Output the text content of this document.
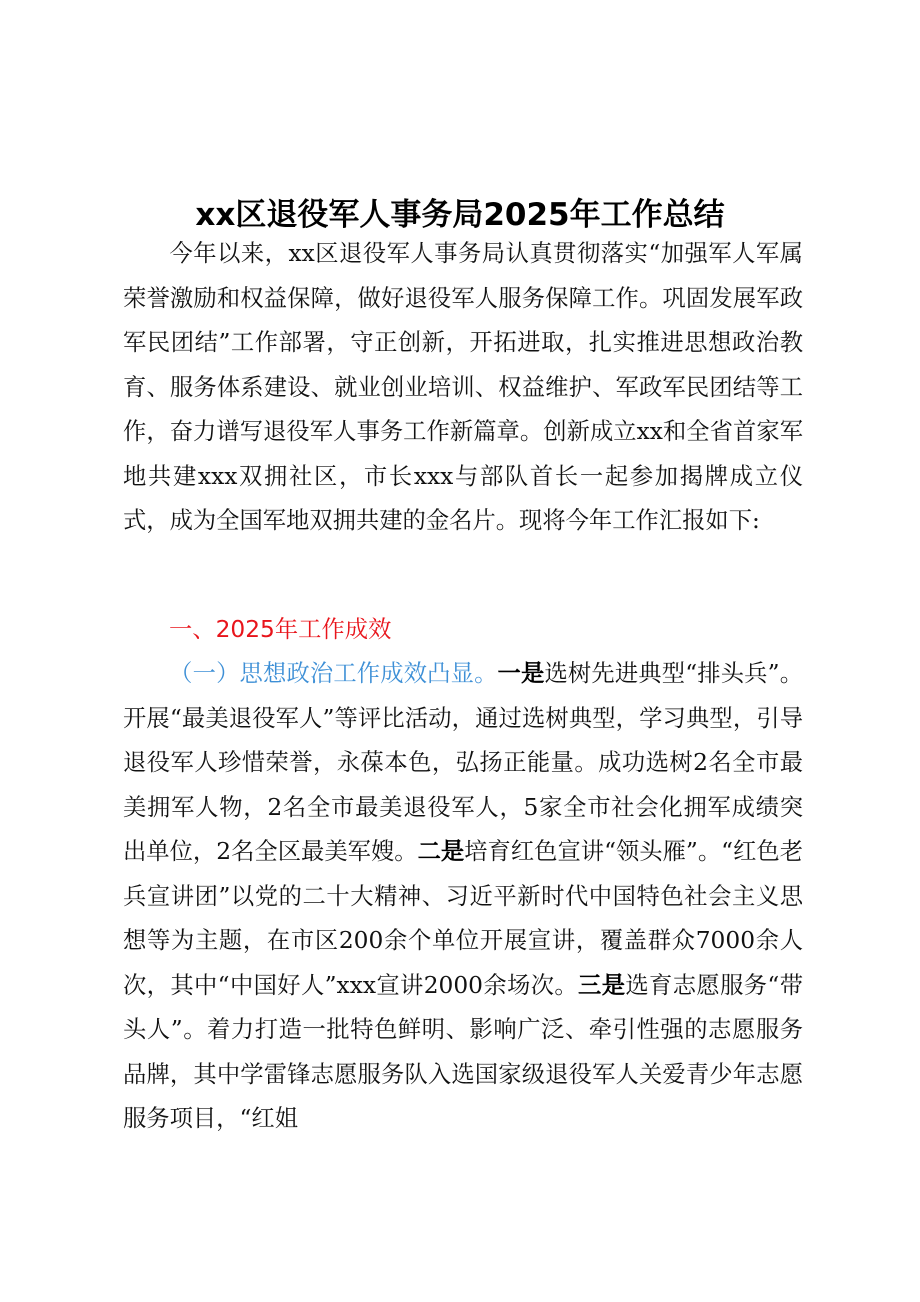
xx区退役军人事务局2025年工作总结

今年以来，xx区退役军人事务局认真贯彻落实“加强军人军属荣誉激励和权益保障，做好退役军人服务保障工作。巩固发展军政军民团结”工作部署，守正创新，开拓进取，扎实推进思想政治教育、服务体系建设、就业创业培训、权益维护、军政军民团结等工作，奋力谱写退役军人事务工作新篇章。创新成立xx和全省首家军地共建xxx双拥社区，市长xxx与部队首长一起参加揭牌成立仪式，成为全国军地双拥共建的金名片。现将今年工作汇报如下:

一、2025年工作成效

（一）思想政治工作成效凸显。一是选树先进典型“排头兵”。开展“最美退役军人”等评比活动，通过选树典型，学习典型，引导退役军人珍惜荣誉，永葆本色，弘扬正能量。成功选树2名全市最美拥军人物，2名全市最美退役军人，5家全市社会化拥军成绩突出单位，2名全区最美军嫂。二是培育红色宣讲“领头雁”。“红色老兵宣讲团”以党的二十大精神、习近平新时代中国特色社会主义思想等为主题，在市区200余个单位开展宣讲，覆盖群众7000余人次，其中“中国好人”xxx宣讲2000余场次。三是选育志愿服务“带头人”。着力打造一批特色鲜明、影响广泛、牵引性强的志愿服务品牌，其中学雷锋志愿服务队入选国家级退役军人关爱青少年志愿服务项目，“红姐
